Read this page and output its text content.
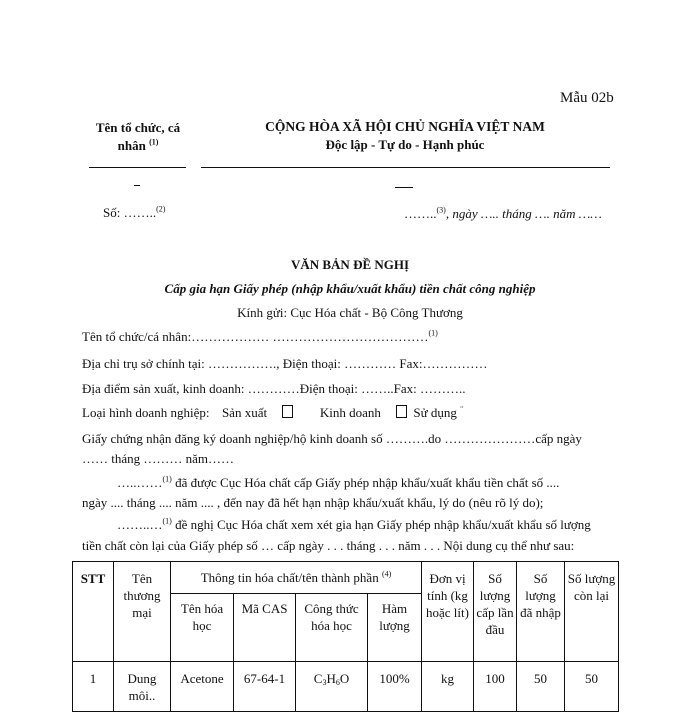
Mẫu 02b
Tên tổ chức, cá
nhân $^{(1)}$
CỘNG HÒA XÃ HỘI CHỦ NGHĨA VIỆT NAM
Độc lập - Tự do - Hạnh phúc
Số: ……..$^{(2)}$	……..$^{(3)}$, ngày ….. tháng …. năm ……
VĂN BẢN ĐỀ NGHỊ
Cấp gia hạn Giấy phép (nhập khẩu/xuất khẩu) tiền chất công nghiệp
Kính gửi: Cục Hóa chất - Bộ Công Thương
Tên tổ chức/cá nhân:……………… ………………………………$^{(1)}$
Địa chỉ trụ sở chính tại: ……………., Điện thoại: ………… Fax:……………
Địa điểm sản xuất, kinh doanh: …………Điện thoại: ……..Fax: ………..
Loại hình doanh nghiệp: Sản xuất	Kinh doanh	Sử dụng ¨
Giấy chứng nhận đăng ký doanh nghiệp/hộ kinh doanh số ……….do …………………cấp ngày
…… tháng ……… năm……
…..……$^{(1)}$ đã được Cục Hóa chất cấp Giấy phép nhập khẩu/xuất khẩu tiền chất số ....
ngày .... tháng .... năm .... , đến nay đã hết hạn nhập khẩu/xuất khẩu, lý do (nêu rõ lý do);
……..…$^{(1)}$ đề nghị Cục Hóa chất xem xét gia hạn Giấy phép nhập khẩu/xuất khẩu số lượng
tiền chất còn lại của Giấy phép số … cấp ngày . . . tháng . . . năm . . . Nội dung cụ thể như sau:
STT	Tên thương mại	Thông tin hóa chất/tên thành phần $^{(4)}$				Đơn vị tính (kg hoặc lít)	Số lượng cấp lần đầu	Số lượng đã nhập	Số lượng còn lại
		Tên hóa học	Mã CAS	Công thức hóa học	Hàm lượng				
1	Dung môi..	Acetone	67-64-1	$C_3H_6O$	100%	kg	100	50	50
